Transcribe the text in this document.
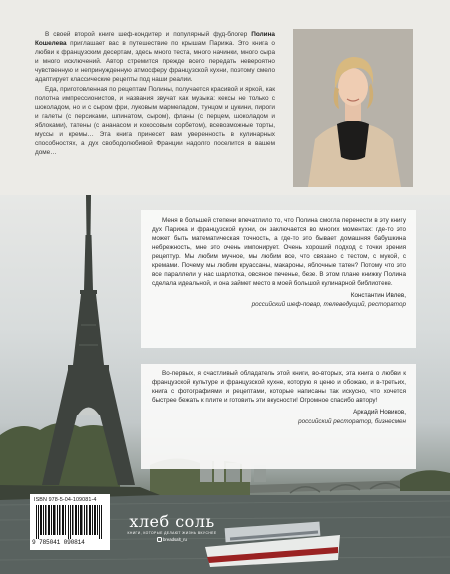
В своей второй книге шеф-кондитер и популярный фуд-блогер Полина Кошелева приглашает вас в путешествие по крышам Парижа. Это книга о любви к французским десертам, здесь много теста, много начинки, много сыра и много исключений. Автор стремится прежде всего передать невероятно чувственную и непринужденную атмосферу французской кухни, поэтому смело адаптирует классические рецепты под наши реалии.

Еда, приготовленная по рецептам Полины, получается красивой и яркой, как полотна импрессионистов, и названия звучат как музыка: кексы не только с шоколадом, но и с сыром фри, луковым мармеладом, тунцом и цукини, пироги и галеты (с персиками, шпинатом, сыром), фланы (с перцем, шоколадом и яблоками), татены (с ананасом и кокосовым сорбетом), всевозможные торты, муссы и кремы… Эта книга принесет вам уверенность в кулинарных способностях, а дух свободолюбивой Франции надолго поселится в вашем доме…

Меня в большей степени впечатлило то, что Полина смогла перенести в эту книгу дух Парижа и французской кухни, он заключается во многих моментах: где-то это может быть математическая точность, а где-то это бывает домашняя бабушкина небрежность, мне это очень импонирует. Очень хороший подход с точки зрения рецептур. Мы любим мучное, мы любим все, что связано с тестом, с мукой, с кремами. Почему мы любим круассаны, макароны, яблочные татен? Потому что это все параллели у нас шарлотка, овсяное печенье, безе. В этом плане книжку Полина сделала идеальной, и она займет место в моей большой кулинарной библиотеке.

Константин Ивлев,
российский шеф-повар, телеведущий, ресторатор

Во-первых, я счастливый обладатель этой книги, во-вторых, эта книга о любви к французской культуре и французской кухне, которую я ценю и обожаю, и в-третьих, книга с фотографиями и рецептами, которые написаны так искусно, что хочется быстрее бежать к плите и готовить эти вкусности! Огромное спасибо автору!

Аркадий Новиков,
российский ресторатор, бизнесмен
ISBN 978-5-04-109081-4
9 785041 090814
хлеб соль
КНИГИ, КОТОРЫЕ ДЕЛАЮТ ЖИЗНЬ ВКУСНЕЕ
breadsalt_ru
